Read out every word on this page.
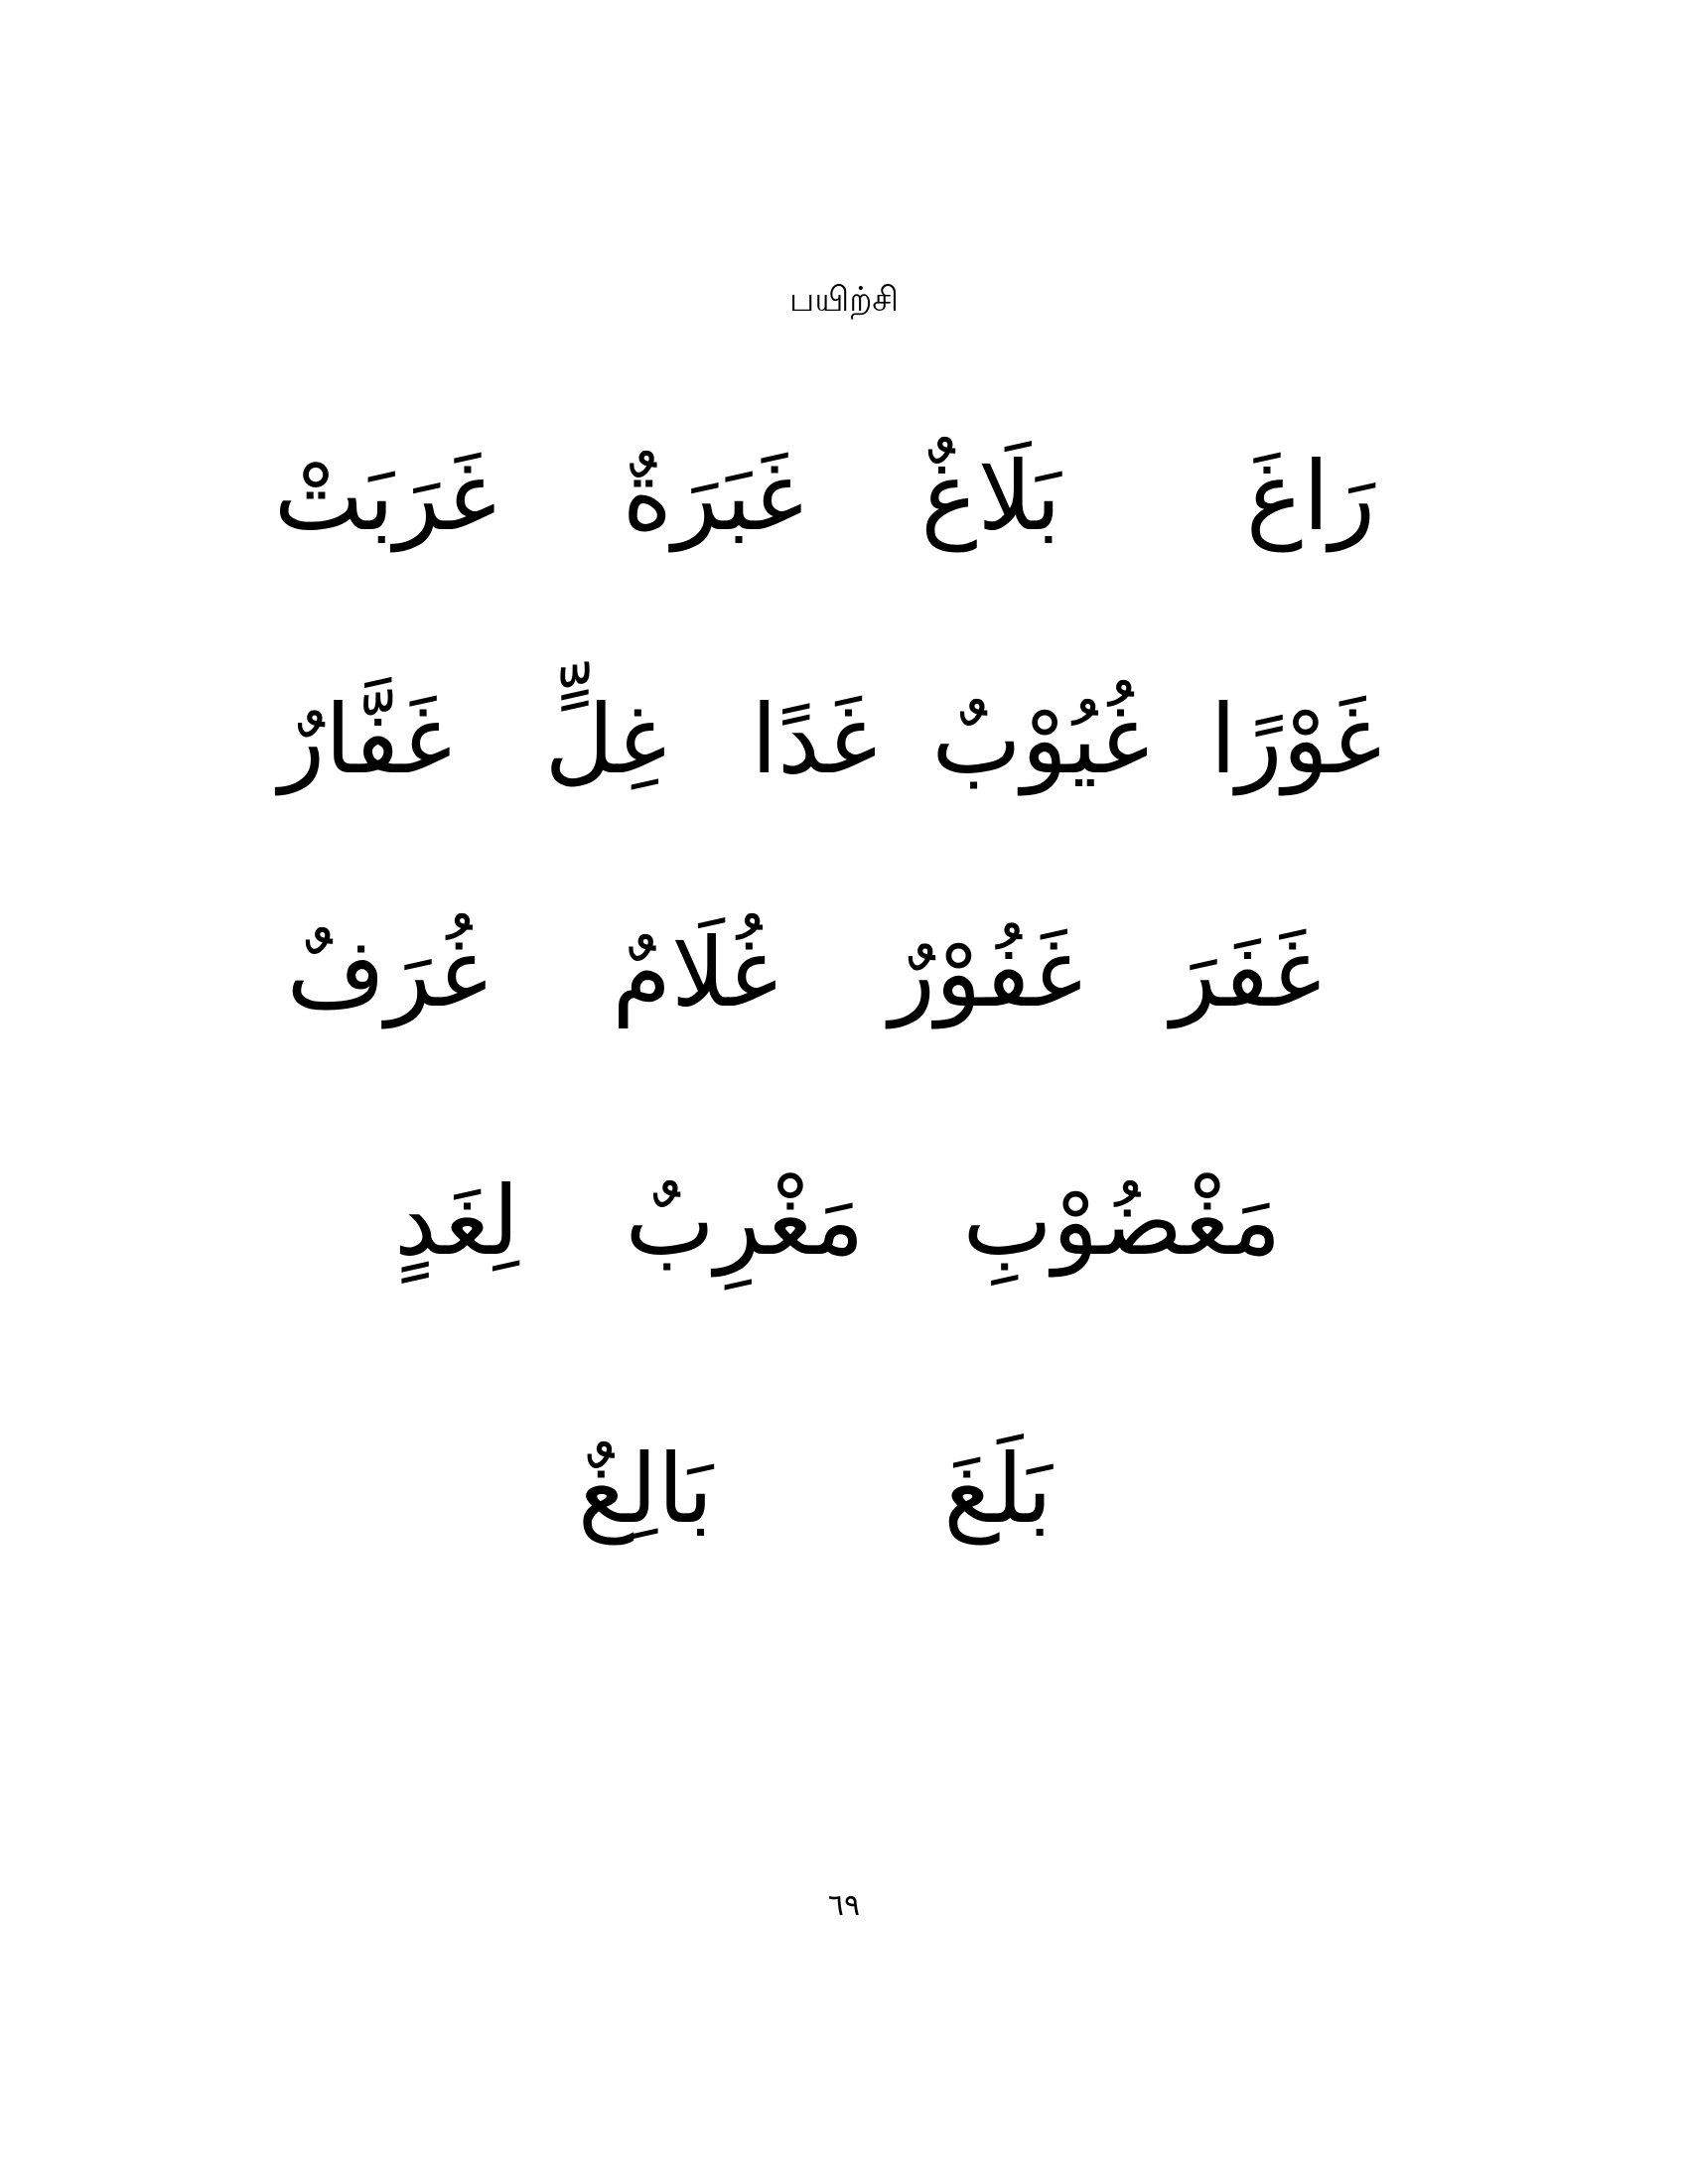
பயிற்சி
رَاغَ
بَلَاغٌ
غَبَرَةٌ
غَرَبَتْ
غَوْرًا
غُيُوْبٌ
غَدًا
غِلٍّ
غَفَّارٌ
غَفَرَ
غَفُوْرٌ
غُلَامٌ
غُرَفٌ
مَغْضُوْبِ
مَغْرِبٌ
لِغَدٍ
بَلَغَ
بَالِغٌ
٦٩
